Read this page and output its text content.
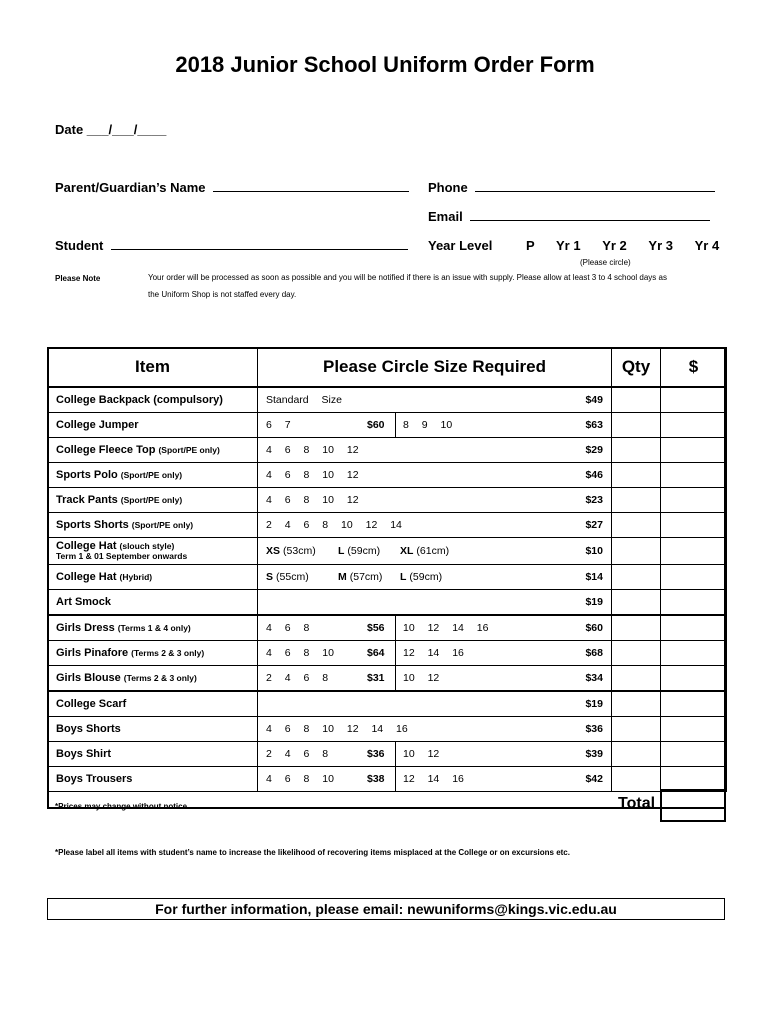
2018 Junior School Uniform Order Form
Date ___/___/____
Parent/Guardian’s Name	Phone
Email
Student	Year Level	P Yr 1 Yr 2 Yr 3 Yr 4
(Please circle)
Please Note	Your order will be processed as soon as possible and you will be notified if there is an issue with supply. Please allow at least 3 to 4 school days as
the Uniform Shop is not staffed every day.
Item	Please Circle Size Required	Qty	$
College Backpack (compulsory)	Standard Size $49		

College Jumper	6 7 $60 8 9 10 $63		

College Fleece Top (Sport/PE only)	4 6 8 10 12 $29		

Sports Polo (Sport/PE only)	4 6 8 10 12 $46		

Track Pants (Sport/PE only)	4 6 8 10 12 $23		

Sports Shorts (Sport/PE only)	2 4 6 8 10 12 14 $27		

College Hat (slouch style)
Term 1 & 01 September onwards	XS (53cm) L (59cm) XL (61cm) $10		

College Hat (Hybrid)	S (55cm) M (57cm) L (59cm) $14		

Art Smock	$19		

Girls Dress (Terms 1 & 4 only)	4 6 8 $56 10 12 14 16 $60		

Girls Pinafore (Terms 2 & 3 only)	4 6 8 10 $64 12 14 16 $68		

Girls Blouse (Terms 2 & 3 only)	2 4 6 8 $31 10 12 $34		

College Scarf	$19		

Boys Shorts	4 6 8 10 12 14 16 $36		

Boys Shirt	2 4 6 8 $36 10 12 $39		

Boys Trousers	4 6 8 10 $38 12 14 16 $42		

*Prices may change without notice	Total
*Please label all items with student’s name to increase the likelihood of recovering items misplaced at the College or on excursions etc.
For further information, please email: newuniforms@kings.vic.edu.au
